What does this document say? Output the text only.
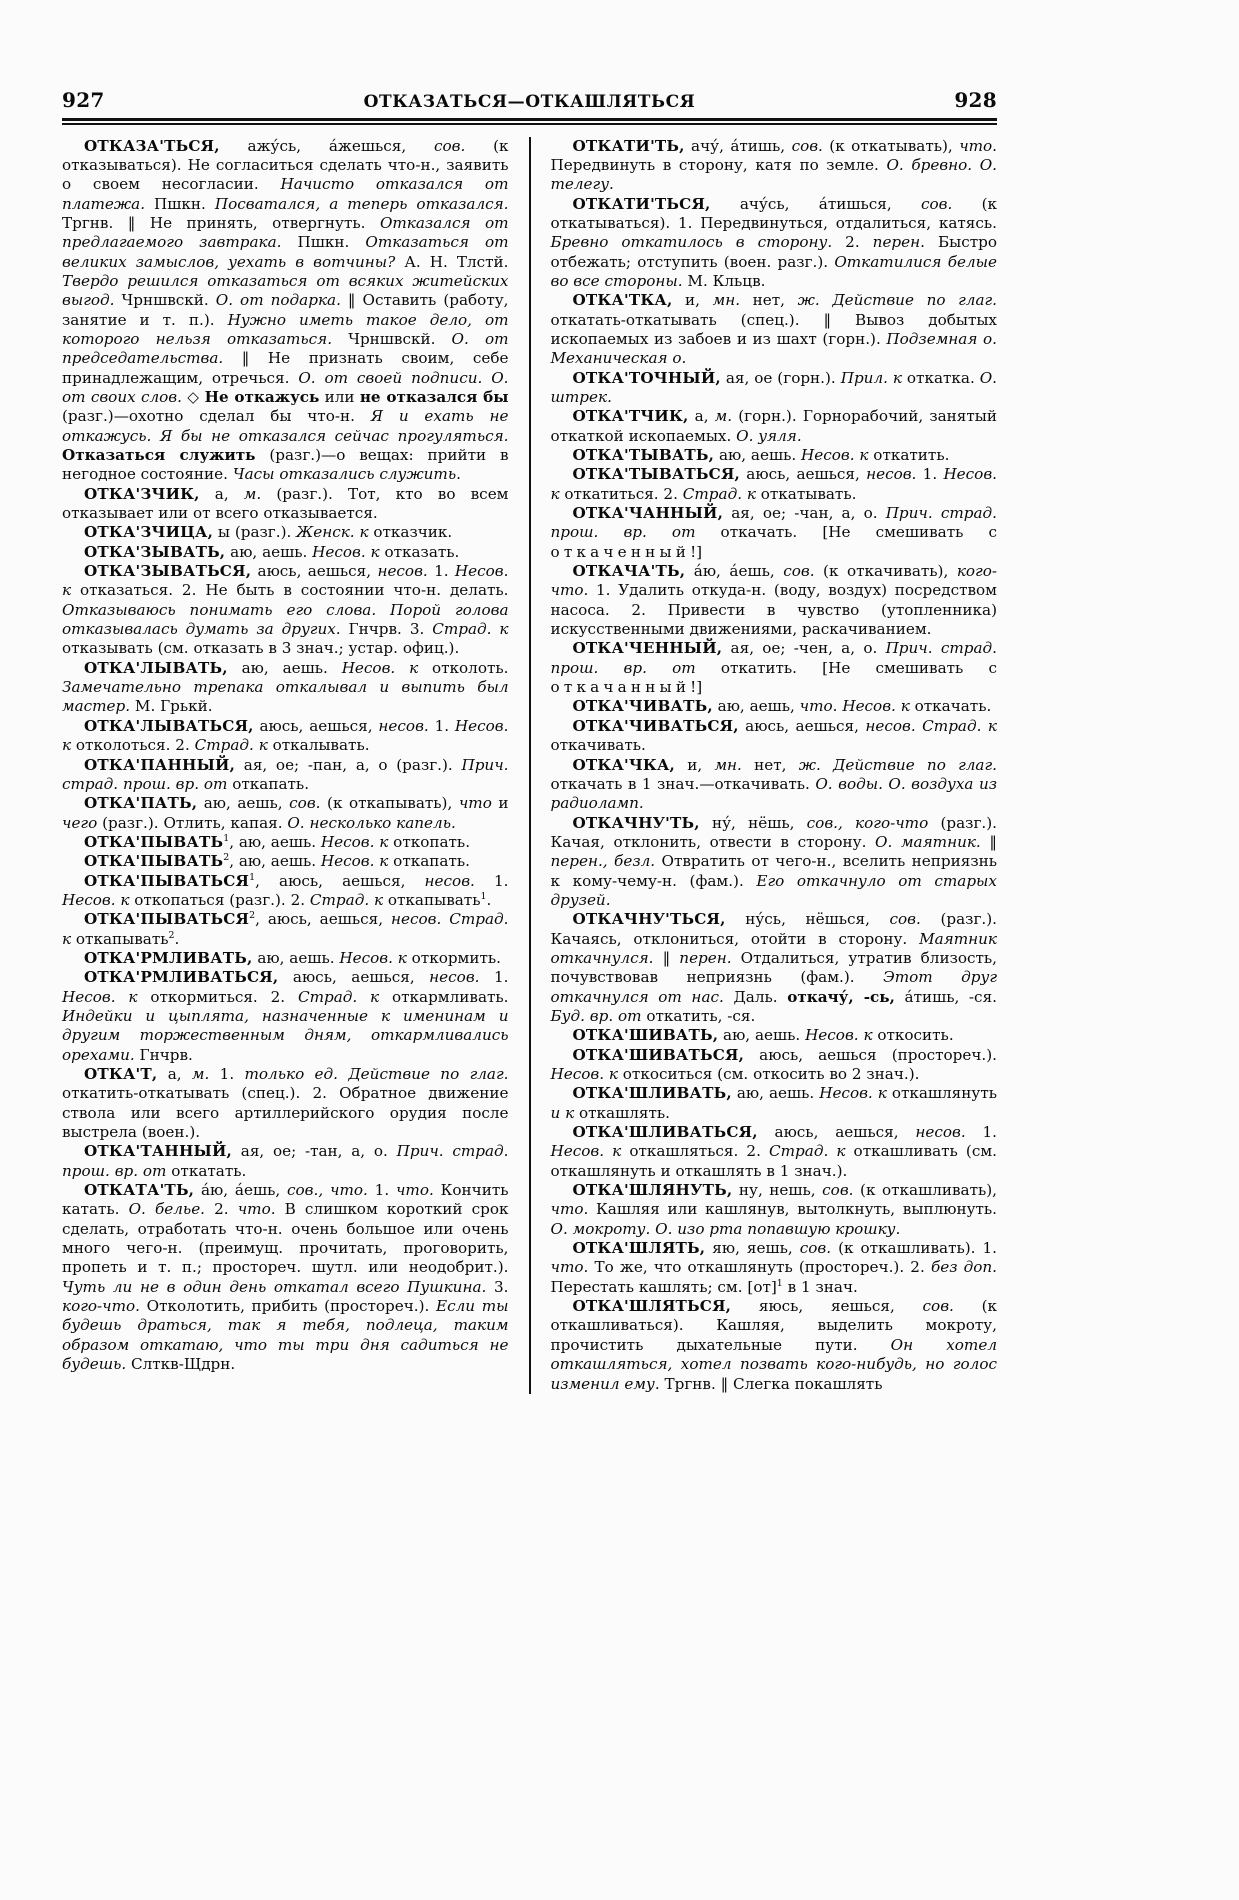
927	ОТКАЗАТЬСЯ—ОТКАШЛЯТЬСЯ	928

ОТКАЗА'ТЬСЯ, ажу́сь, а́жешься, сов. (к отказываться). Не согласиться сделать что-н., заявить о своем несогласии. Начисто отказался от платежа. Пшкн. Посватался, а теперь отказался. Тргнв. ‖ Не принять, отвергнуть. Отказался от предлагаемого завтрака. Пшкн. Отказаться от великих замыслов, уехать в вотчины? А. Н. Тлстй. Твердо решился отказаться от всяких житейских выгод. Чрншвскй. О. от подарка. ‖ Оставить (работу, занятие и т. п.). Нужно иметь такое дело, от которого нельзя отказаться. Чрншвскй. О. от председательства. ‖ Не признать своим, себе принадлежащим, отречься. О. от своей подписи. О. от своих слов. ◇ Не откажусь или не отказался бы (разг.)—охотно сделал бы что-н. Я и ехать не откажусь. Я бы не отказался сейчас прогуляться. Отказаться служить (разг.)—о вещах: прийти в негодное состояние. Часы отказались служить.

ОТКА'ЗЧИК, а, м. (разг.). Тот, кто во всем отказывает или от всего отказывается.

ОТКА'ЗЧИЦА, ы (разг.). Женск. к отказчик.

ОТКА'ЗЫВАТЬ, аю, аешь. Несов. к отказать.

ОТКА'ЗЫВАТЬСЯ, аюсь, аешься, несов. 1. Несов. к отказаться. 2. Не быть в состоянии что-н. делать. Отказываюсь понимать его слова. Порой голова отказывалась думать за других. Гнчрв. 3. Страд. к отказывать (см. отказать в 3 знач.; устар. офиц.).

ОТКА'ЛЫВАТЬ, аю, аешь. Несов. к отколоть. Замечательно трепака откалывал и выпить был мастер. М. Грькй.

ОТКА'ЛЫВАТЬСЯ, аюсь, аешься, несов. 1. Несов. к отколоться. 2. Страд. к откалывать.

ОТКА'ПАННЫЙ, ая, ое; -пан, а, о (разг.). Прич. страд. прош. вр. от откапать.

ОТКА'ПАТЬ, аю, аешь, сов. (к откапывать), что и чего (разг.). Отлить, капая. О. несколько капель.

ОТКА'ПЫВАТЬ$^1$, аю, аешь. Несов. к откопать.

ОТКА'ПЫВАТЬ$^2$, аю, аешь. Несов. к откапать.

ОТКА'ПЫВАТЬСЯ$^1$, аюсь, аешься, несов. 1. Несов. к откопаться (разг.). 2. Страд. к откапывать$^1$.

ОТКА'ПЫВАТЬСЯ$^2$, аюсь, аешься, несов. Страд. к откапывать$^2$.

ОТКА'РМЛИВАТЬ, аю, аешь. Несов. к откормить.

ОТКА'РМЛИВАТЬСЯ, аюсь, аешься, несов. 1. Несов. к откормиться. 2. Страд. к откармливать. Индейки и цыплята, назначенные к именинам и другим торжественным дням, откармливались орехами. Гнчрв.

ОТКА'Т, а, м. 1. только ед. Действие по глаг. откатить-откатывать (спец.). 2. Обратное движение ствола или всего артиллерийского орудия после выстрела (воен.).

ОТКА'ТАННЫЙ, ая, ое; -тан, а, о. Прич. страд. прош. вр. от откатать.

ОТКАТА'ТЬ, а́ю, а́ешь, сов., что. 1. что. Кончить катать. О. белье. 2. что. В слишком короткий срок сделать, отработать что-н. очень большое или очень много чего-н. (преимущ. прочитать, проговорить, пропеть и т. п.; простореч. шутл. или неодобрит.). Чуть ли не в один день откатал всего Пушкина. 3. кого-что. Отколотить, прибить (простореч.). Если ты будешь драться, так я тебя, подлеца, таким образом откатаю, что ты три дня садиться не будешь. Слткв-Щдрн.

ОТКАТИ'ТЬ, ачу́, а́тишь, сов. (к откатывать), что. Передвинуть в сторону, катя по земле. О. бревно. О. телегу.

ОТКАТИ'ТЬСЯ, ачу́сь, а́тишься, сов. (к откатываться). 1. Передвинуться, отдалиться, катясь. Бревно откатилось в сторону. 2. перен. Быстро отбежать; отступить (воен. разг.). Откатилися белые во все стороны. М. Кльцв.

ОТКА'ТКА, и, мн. нет, ж. Действие по глаг. откатать-откатывать (спец.). ‖ Вывоз добытых ископаемых из забоев и из шахт (горн.). Подземная о. Механическая о.

ОТКА'ТОЧНЫЙ, ая, ое (горн.). Прил. к откатка. О. штрек.

ОТКА'ТЧИК, а, м. (горн.). Горнорабочий, занятый откаткой ископаемых. О. уяля.

ОТКА'ТЫВАТЬ, аю, аешь. Несов. к откатить.

ОТКА'ТЫВАТЬСЯ, аюсь, аешься, несов. 1. Несов. к откатиться. 2. Страд. к откатывать.

ОТКА'ЧАННЫЙ, ая, ое; -чан, а, о. Прич. страд. прош. вр. от откачать. [Не смешивать с откаченный!]

ОТКАЧА'ТЬ, а́ю, а́ешь, сов. (к откачивать), кого-что. 1. Удалить откуда-н. (воду, воздух) посредством насоса. 2. Привести в чувство (утопленника) искусственными движениями, раскачиванием.

ОТКА'ЧЕННЫЙ, ая, ое; -чен, а, о. Прич. страд. прош. вр. от откатить. [Не смешивать с откачанный!]

ОТКА'ЧИВАТЬ, аю, аешь, что. Несов. к откачать.

ОТКА'ЧИВАТЬСЯ, аюсь, аешься, несов. Страд. к откачивать.

ОТКА'ЧКА, и, мн. нет, ж. Действие по глаг. откачать в 1 знач.—откачивать. О. воды. О. воздуха из радиоламп.

ОТКАЧНУ'ТЬ, ну́, нёшь, сов., кого-что (разг.). Качая, отклонить, отвести в сторону. О. маятник. ‖ перен., безл. Отвратить от чего-н., вселить неприязнь к кому-чему-н. (фам.). Его откачнуло от старых друзей.

ОТКАЧНУ'ТЬСЯ, ну́сь, нёшься, сов. (разг.). Качаясь, отклониться, отойти в сторону. Маятник откачнулся. ‖ перен. Отдалиться, утратив близость, почувствовав неприязнь (фам.). Этот друг откачнулся от нас. Даль. откачу́, -сь, а́тишь, -ся. Буд. вр. от откатить, -ся.

ОТКА'ШИВАТЬ, аю, аешь. Несов. к откосить.

ОТКА'ШИВАТЬСЯ, аюсь, аешься (простореч.). Несов. к откоситься (см. откосить во 2 знач.).

ОТКА'ШЛИВАТЬ, аю, аешь. Несов. к откашлянуть и к откашлять.

ОТКА'ШЛИВАТЬСЯ, аюсь, аешься, несов. 1. Несов. к откашляться. 2. Страд. к откашливать (см. откашлянуть и откашлять в 1 знач.).

ОТКА'ШЛЯНУТЬ, ну, нешь, сов. (к откашливать), что. Кашляя или кашлянув, вытолкнуть, выплюнуть. О. мокроту. О. изо рта попавшую крошку.

ОТКА'ШЛЯТЬ, яю, яешь, сов. (к откашливать). 1. что. То же, что откашлянуть (простореч.). 2. без доп. Перестать кашлять; см. [от]$^1$ в 1 знач.

ОТКА'ШЛЯТЬСЯ, яюсь, яешься, сов. (к откашливаться). Кашляя, выделить мокроту, прочистить дыхательные пути. Он хотел откашляться, хотел позвать кого-нибудь, но голос изменил ему. Тргнв. ‖ Слегка покашлять
